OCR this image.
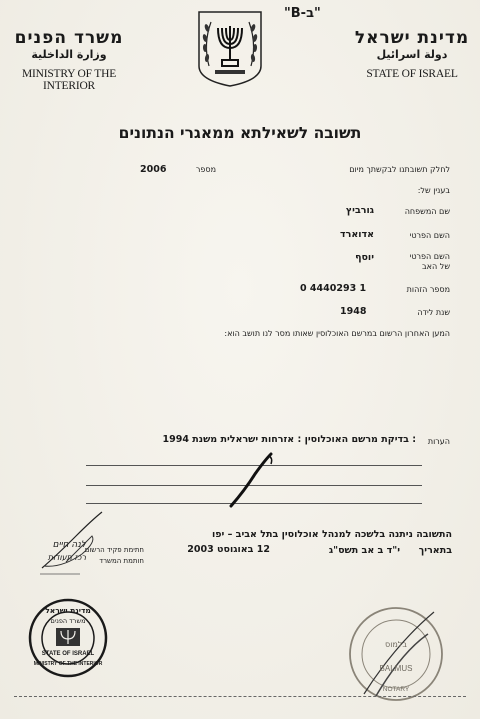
"B-ב"
משרד הפנים
وزارة الداخلية
MINISTRY OF THE INTERIOR
מדינת ישראל
دولة اسرائيل
STATE OF ISRAEL
תשובה לשאילתא ממאגרי הנתונים
לחלק תשובתנו לבקשתך מיום
מספר
2006
בענין של:
שם המשפחה
גורביץ
השם הפרטי
אדוארד
השם הפרטי
של האב
יוסף
מספר הזהות
0 4440293 1
שנת לידה
1948
המען האחרון הרשום במרשם האוכלוסין שאותו מסר לנו תושב הוא:
הערות
: בדיקת מרשם האוכלוסין : אזרחות ישראלית משנת 1994
התשובה ניתנה בלשכה למנהל אוכלוסין בתל אביב – יפו
בתאריך
י"ד ב אב תשס"ג
12 באוגוסט 2003
חתימת פקיד הרשום
חותמת המשרד
לנה חיים
רכז תעודות
מדינת ישראל
משרד הפנים
STATE OF ISRAEL
MINISTRY OF THE INTERIOR
בלמוס
BALMUS
NOTARY
